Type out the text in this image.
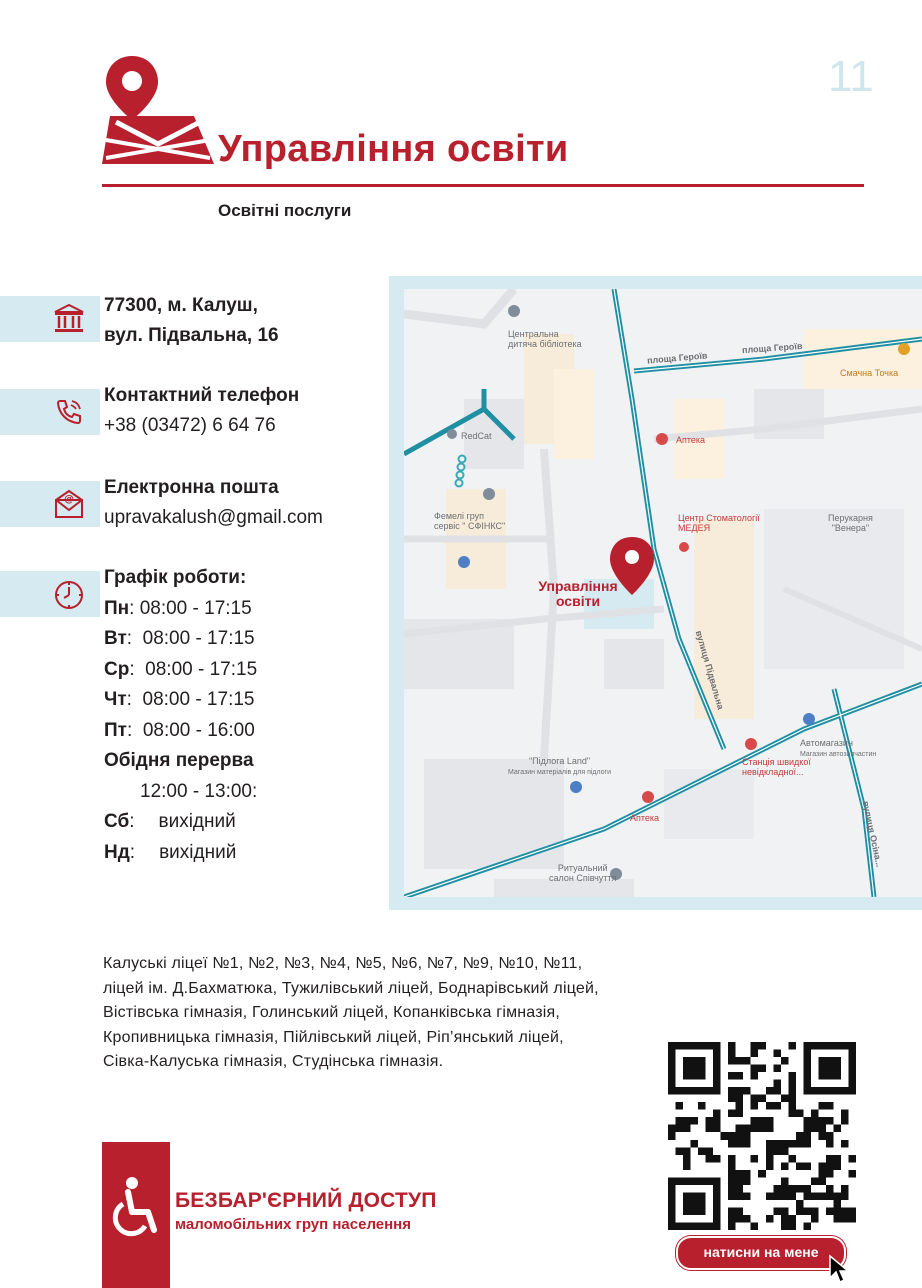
11
Управління освіти
Освітні послуги
@
77300, м. Калуш,
вул. Підвальна, 16
Контактний телефон
+38 (03472) 6 64 76
Електронна пошта
upravakalush@gmail.com
Графік роботи:
Пн: 08:00 - 17:15
Вт:  08:00 - 17:15
Ср:  08:00 - 17:15
Чт:  08:00 - 17:15
Пт:  08:00 - 16:00
Обідня перерва
12:00 - 13:00:
Сб: вихідний
Нд: вихідний
Центральна
дитяча бібліотека
площа Героїв
площа Героїв
Смачна Точка
RedCat	Аптека
Фемелі груп
сервіс " СФІНКС"
Центр Стоматології
МЕДЕЯ
Перукарня
"Венера"
вулиця Підвальна
Автомагазин
Магазин автозапчастин
"Підлога Land"
Магазин матеріалів для підлоги
Станція швидкої
невідкладної...
Аптека
Ритуальний
салон Співчуття
вулиця Осіна...
Управління
освіти
Калуські ліцеї №1, №2, №3, №4, №5, №6, №7, №9, №10, №11, ліцей ім. Д.Бахматюка, Тужилівський ліцей, Боднарівський ліцей, Вістівська гімназія, Голинський ліцей, Копанківська гімназія, Кропивницька гімназія, Пійлівський ліцей, Ріп’янський ліцей, Сівка-Калуська гімназія, Студінська гімназія.
БЕЗБАР'ЄРНИЙ ДОСТУП
маломобільних груп населення
натисни на мене
